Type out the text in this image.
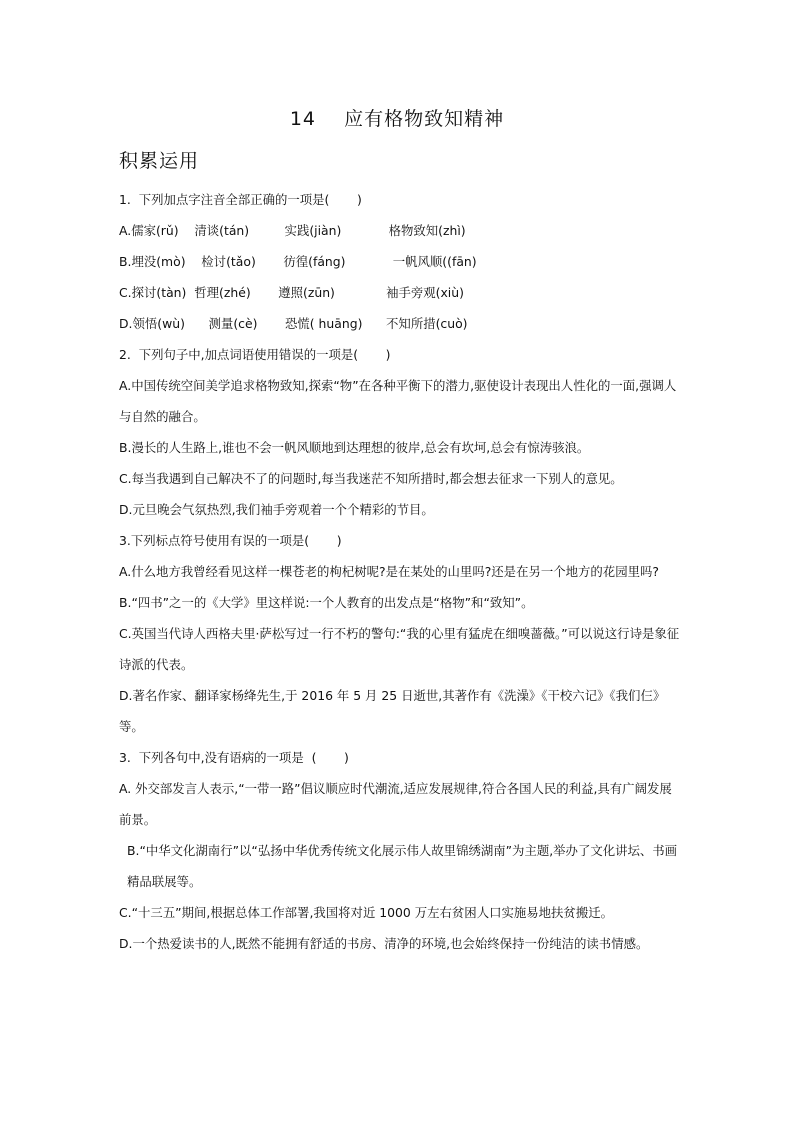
14    应有格物致知精神
积累运用
1.  下列加点字注音全部正确的一项是(       )
A.儒家(rǔ)    清谈(tán)         实践(jiàn)            格物致知(zhì)
B.埋没(mò)    检讨(tǎo)       彷徨(fáng)            一帆风顺((fān)
C.探讨(tàn)  哲理(zhé)       遵照(zūn)             袖手旁观(xiù)
D.领悟(wù)      测量(cè)       恐慌( huāng)      不知所措(cuò)
2.  下列句子中,加点词语使用错误的一项是(       )
A.中国传统空间美学追求格物致知,探索“物”在各种平衡下的潜力,驱使设计表现出人性化的一面,强调人与自然的融合。
B.漫长的人生路上,谁也不会一帆风顺地到达理想的彼岸,总会有坎坷,总会有惊涛骇浪。
C.每当我遇到自己解决不了的问题时,每当我迷茫不知所措时,都会想去征求一下别人的意见。
D.元旦晚会气氛热烈,我们袖手旁观着一个个精彩的节目。
3.下列标点符号使用有误的一项是(       )
A.什么地方我曾经看见这样一棵苍老的枸杞树呢?是在某处的山里吗?还是在另一个地方的花园里吗?
B.“四书”之一的《大学》里这样说:一个人教育的出发点是“格物”和“致知”。
C.英国当代诗人西格夫里·萨松写过一行不朽的警句:“我的心里有猛虎在细嗅蔷薇。”可以说这行诗是象征诗派的代表。
D.著名作家、翻译家杨绛先生,于 2016 年 5 月 25 日逝世,其著作有《洗澡》《干校六记》《我们仨》等。
3.  下列各句中,没有语病的一项是  (       )
A. 外交部发言人表示,“一带一路”倡议顺应时代潮流,适应发展规律,符合各国人民的利益,具有广阔发展前景。
B.“中华文化湖南行”以“弘扬中华优秀传统文化展示伟人故里锦绣湖南”为主题,举办了文化讲坛、书画精品联展等。
C.“十三五”期间,根据总体工作部署,我国将对近 1000 万左右贫困人口实施易地扶贫搬迁。
D.一个热爱读书的人,既然不能拥有舒适的书房、清净的环境,也会始终保持一份纯洁的读书情感。
